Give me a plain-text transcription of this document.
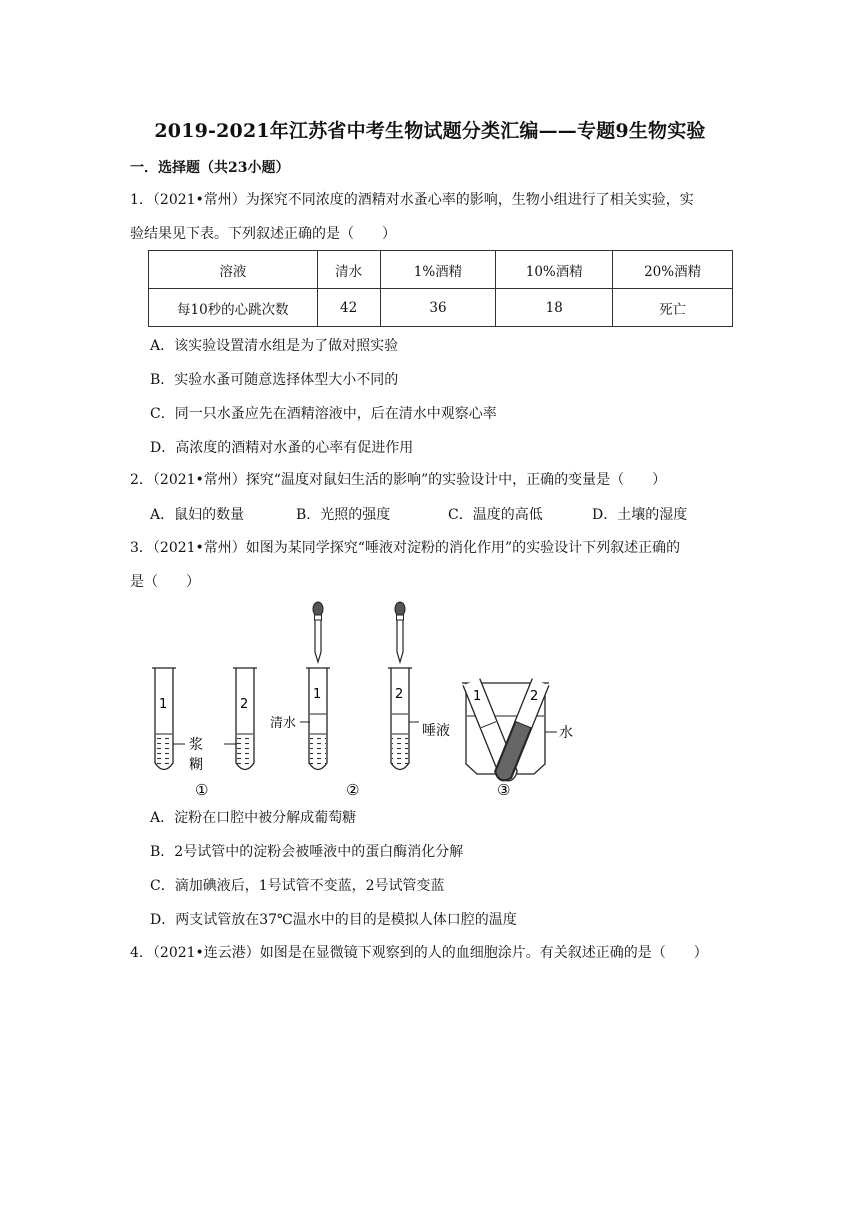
2019-2021年江苏省中考生物试题分类汇编——专题9生物实验
一．选择题（共23小题）
1．（2021•常州）为探究不同浓度的酒精对水蚤心率的影响，生物小组进行了相关实验，实
验结果见下表。下列叙述正确的是（　　）
溶液	清水	1%酒精	10%酒精	20%酒精
每10秒的心跳次数	42	36	18	死亡
A．该实验设置清水组是为了做对照实验
B．实验水蚤可随意选择体型大小不同的
C．同一只水蚤应先在酒精溶液中，后在清水中观察心率
D．高浓度的酒精对水蚤的心率有促进作用
2．（2021•常州）探究“温度对鼠妇生活的影响”的实验设计中，正确的变量是（　　）
A．鼠妇的数量	B．光照的强度	C．温度的高低	D．土壤的湿度
3．（2021•常州）如图为某同学探究“唾液对淀粉的消化作用”的实验设计下列叙述正确的
是（　　）
1	2
浆
糊
①
1	2
清水	唾液
②
1	2
水
③
A．淀粉在口腔中被分解成葡萄糖
B．2号试管中的淀粉会被唾液中的蛋白酶消化分解
C．滴加碘液后，1号试管不变蓝，2号试管变蓝
D．两支试管放在37℃温水中的目的是模拟人体口腔的温度
4．（2021•连云港）如图是在显微镜下观察到的人的血细胞涂片。有关叙述正确的是（　　）
